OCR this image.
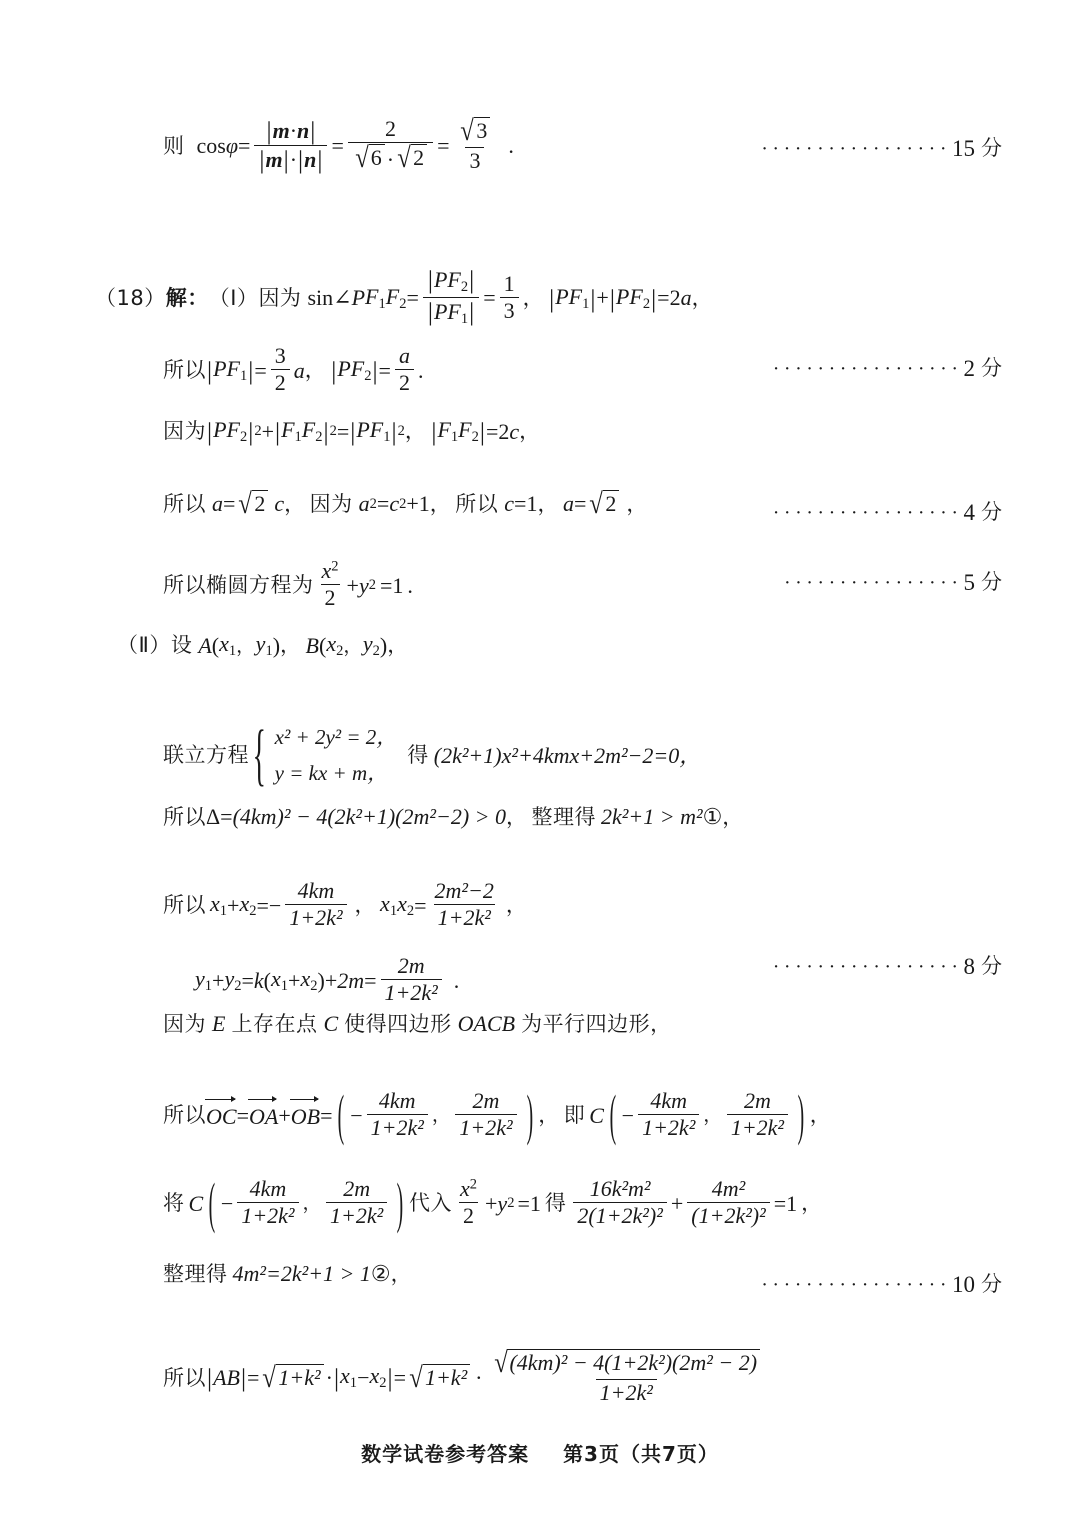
则 $\cos \varphi = \frac{|m\cdot n|}{|m|\cdot|n|} = \frac{2}{√ 6 \cdot √ 2} = \frac{√ 3}{3}$ .	················· 15 分
（18） 解： （Ⅰ） 因为 sin ∠ P $F_1$ $F_2 = \frac{|PF_2|}{|PF_1|} = \frac{1}{3}$ ， | $PF_1$ | + | $PF_2$ | = 2 a ，
所以 | $PF_1$ | = $\frac{3}{2}$ a ， | $PF_2$ | = $\frac{a}{2}$ .	················· 2 分
因为 | $PF_2$ | 2 + | $F_1F_2$ | 2 = | $PF_1$ | 2 ， | $F_1F_2$ | = 2 c ，
所以 a = √ 2 c ， 因为 a 2 = c 2 +1 ， 所以 c = 1 ， a = √ 2 ，	················· 4 分
所以椭圆方程为 $\frac{x^2}{2} + y$ 2 = 1 .	················ 5 分
（Ⅱ） 设 A ( $x_1$ ， $y_1$ ) ， B ( $x_2$ ， $y_2$ ) ，
联立方程 { x² + 2y² = 2，
y = kx + m，
得 (2k²+1)x²+4kmx+2m²−2=0，
所以 Δ = (4km)² − 4(2k²+1)(2m²−2) > 0 ， 整理得 2k²+1 > m² ① ，
所以 $x_1 + x_2$ = − $\frac{4km}{\text{1+2k²}}$ ， $x_1x_2 = \frac{\text{2m²−2}}{\text{1+2k²}}$ ，
$y_1 + y_2 = k$ ( $x_1 + x_2$ ) + $2m = \frac{2m}{\text{1+2k²}}$ .
················· 8 分
因为 E 上存在点 C 使得四边形 OACB 为平行四边形，
所以 OC = OA + OB = ( − $\frac{4km}{\text{1+2k²}}$ ， $\frac{2m}{\text{1+2k²}}$ ) ， 即 C ( − $\frac{4km}{\text{1+2k²}}$ ， $\frac{2m}{\text{1+2k²}}$ ) ，
将 C ( − $\frac{4km}{\text{1+2k²}}$ ， $\frac{2m}{\text{1+2k²}}$ ) 代入 $\frac{x^2}{2} + y$ 2 = 1 得 $\frac{\text{16k²m²}}{\text{2(1+2k²)²}} + \frac{\text{4m²}}{\text{(1+2k²)²}} = 1$ ，
整理得 4m²=2k²+1 > 1 ② ，	················· 10 分
所以 | AB | = √ 1+k² · | $x_1 - x_2$ | = √ $1+k^2 \cdot \frac{\text{√ (4km)² − 4(1+2k²)(2m² − 2)}}{\text{1+2k²}}$
数学试卷参考答案 第3页（共7页）
